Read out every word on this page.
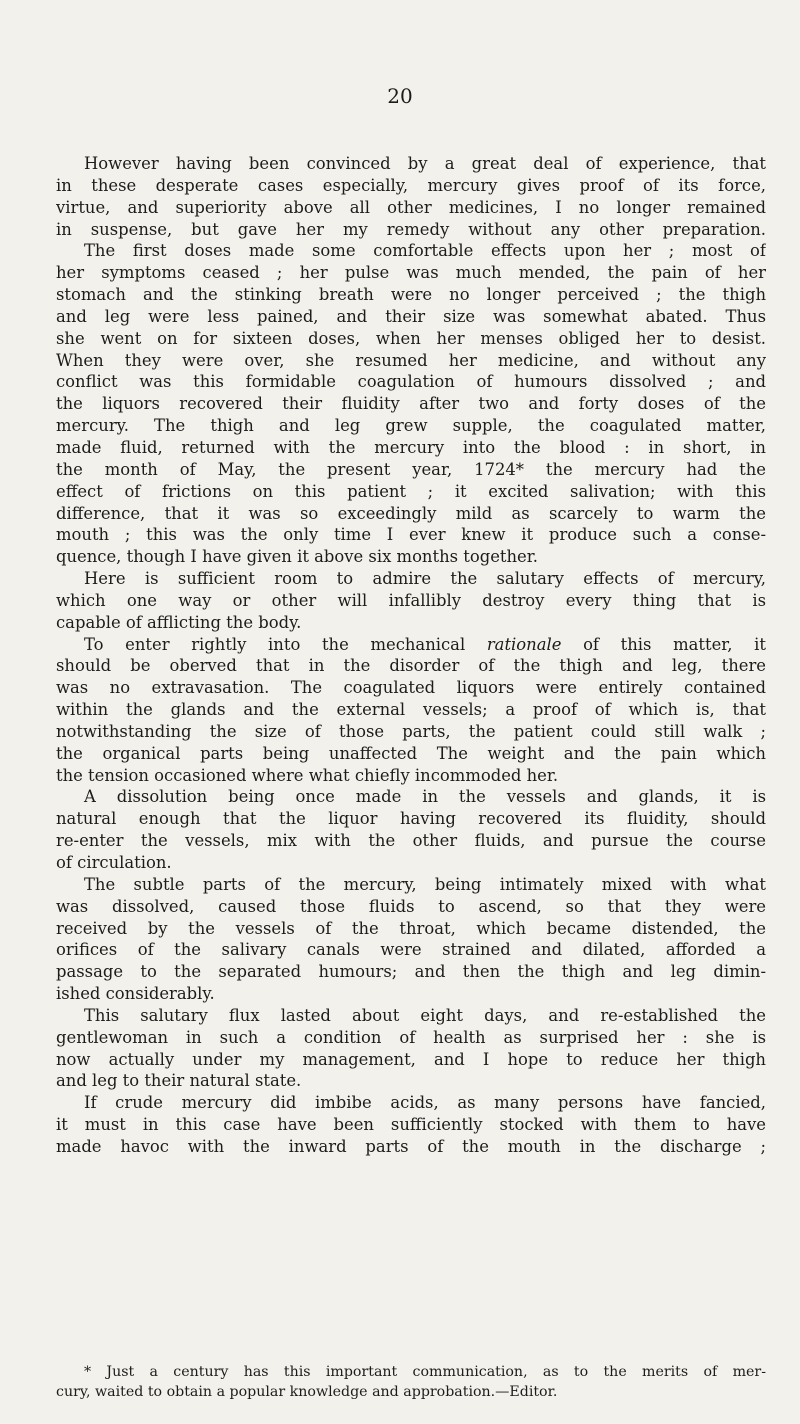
20
However having been convinced by a great deal of experience, that
in these desperate cases especially, mercury gives proof of its force,
virtue, and superiority above all other medicines, I no longer remained
in suspense, but gave her my remedy without any other preparation.
The first doses made some comfortable effects upon her ; most of
her symptoms ceased ; her pulse was much mended, the pain of her
stomach and the stinking breath were no longer perceived ; the thigh
and leg were less pained, and their size was somewhat abated. Thus
she went on for sixteen doses, when her menses obliged her to desist.
When they were over, she resumed her medicine, and without any
conflict was this formidable coagulation of humours dissolved ; and
the liquors recovered their fluidity after two and forty doses of the
mercury. The thigh and leg grew supple, the coagulated matter,
made fluid, returned with the mercury into the blood : in short, in
the month of May, the present year, 1724* the mercury had the
effect of frictions on this patient ; it excited salivation; with this
difference, that it was so exceedingly mild as scarcely to warm the
mouth ; this was the only time I ever knew it produce such a conse-
quence, though I have given it above six months together.
Here is sufficient room to admire the salutary effects of mercury,
which one way or other will infallibly destroy every thing that is
capable of afflicting the body.
To enter rightly into the mechanical rationale of this matter, it
should be oberved that in the disorder of the thigh and leg, there
was no extravasation. The coagulated liquors were entirely contained
within the glands and the external vessels; a proof of which is, that
notwithstanding the size of those parts, the patient could still walk ;
the organical parts being unaffected The weight and the pain which
the tension occasioned where what chiefly incommoded her.
A dissolution being once made in the vessels and glands, it is
natural enough that the liquor having recovered its fluidity, should
re-enter the vessels, mix with the other fluids, and pursue the course
of circulation.
The subtle parts of the mercury, being intimately mixed with what
was dissolved, caused those fluids to ascend, so that they were
received by the vessels of the throat, which became distended, the
orifices of the salivary canals were strained and dilated, afforded a
passage to the separated humours; and then the thigh and leg dimin-
ished considerably.
This salutary flux lasted about eight days, and re-established the
gentlewoman in such a condition of health as surprised her : she is
now actually under my management, and I hope to reduce her thigh
and leg to their natural state.
If crude mercury did imbibe acids, as many persons have fancied,
it must in this case have been sufficiently stocked with them to have
made havoc with the inward parts of the mouth in the discharge ;
* Just a century has this important communication, as to the merits of mer-
cury, waited to obtain a popular knowledge and approbation.—Editor.
